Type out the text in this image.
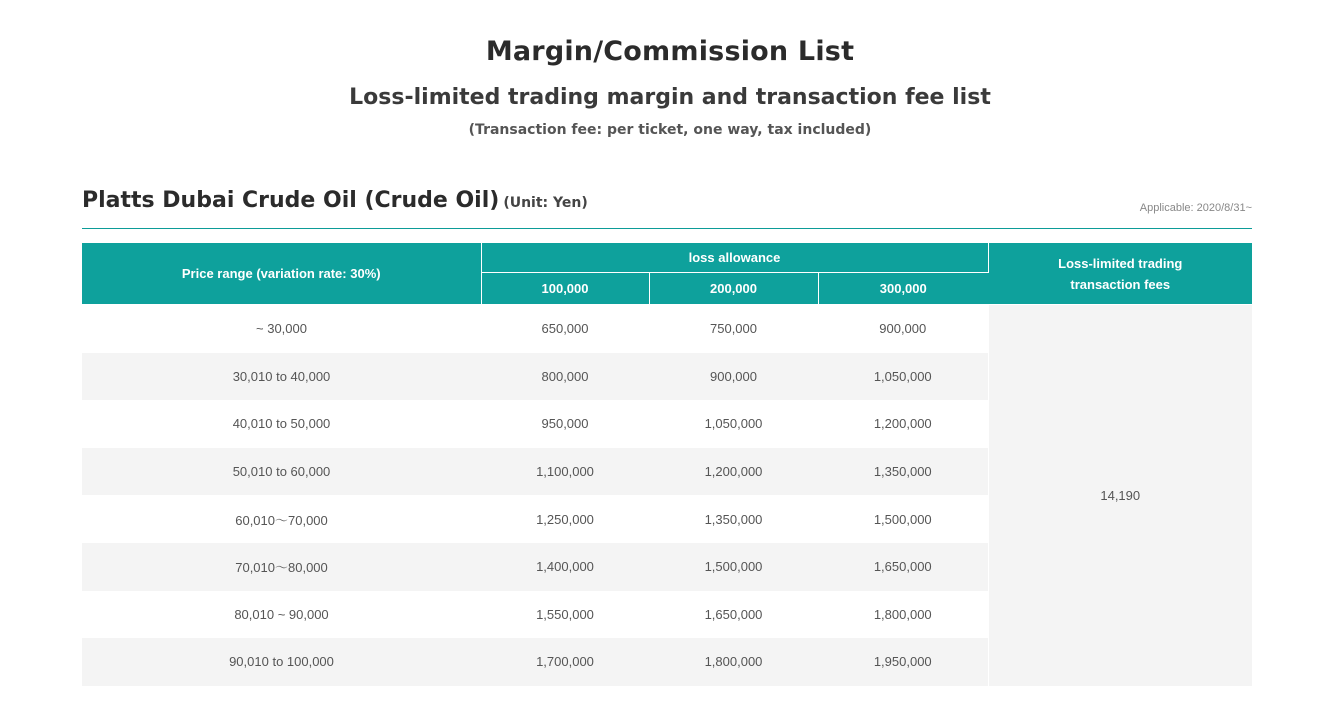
Margin/Commission List
Loss-limited trading margin and transaction fee list
(Transaction fee: per ticket, one way, tax included)
Platts Dubai Crude Oil (Crude Oil) (Unit: Yen)	Applicable: 2020/8/31~
Price range (variation rate: 30%)	loss allowance			Loss-limited trading
transaction fees
	100,000	200,000	300,000	
~ 30,000	650,000	750,000	900,000	14,190
30,010 to 40,000	800,000	900,000	1,050,000	
40,010 to 50,000	950,000	1,050,000	1,200,000	
50,010 to 60,000	1,100,000	1,200,000	1,350,000	
60,010〜70,000	1,250,000	1,350,000	1,500,000	
70,010〜80,000	1,400,000	1,500,000	1,650,000	
80,010 ~ 90,000	1,550,000	1,650,000	1,800,000	
90,010 to 100,000	1,700,000	1,800,000	1,950,000	
